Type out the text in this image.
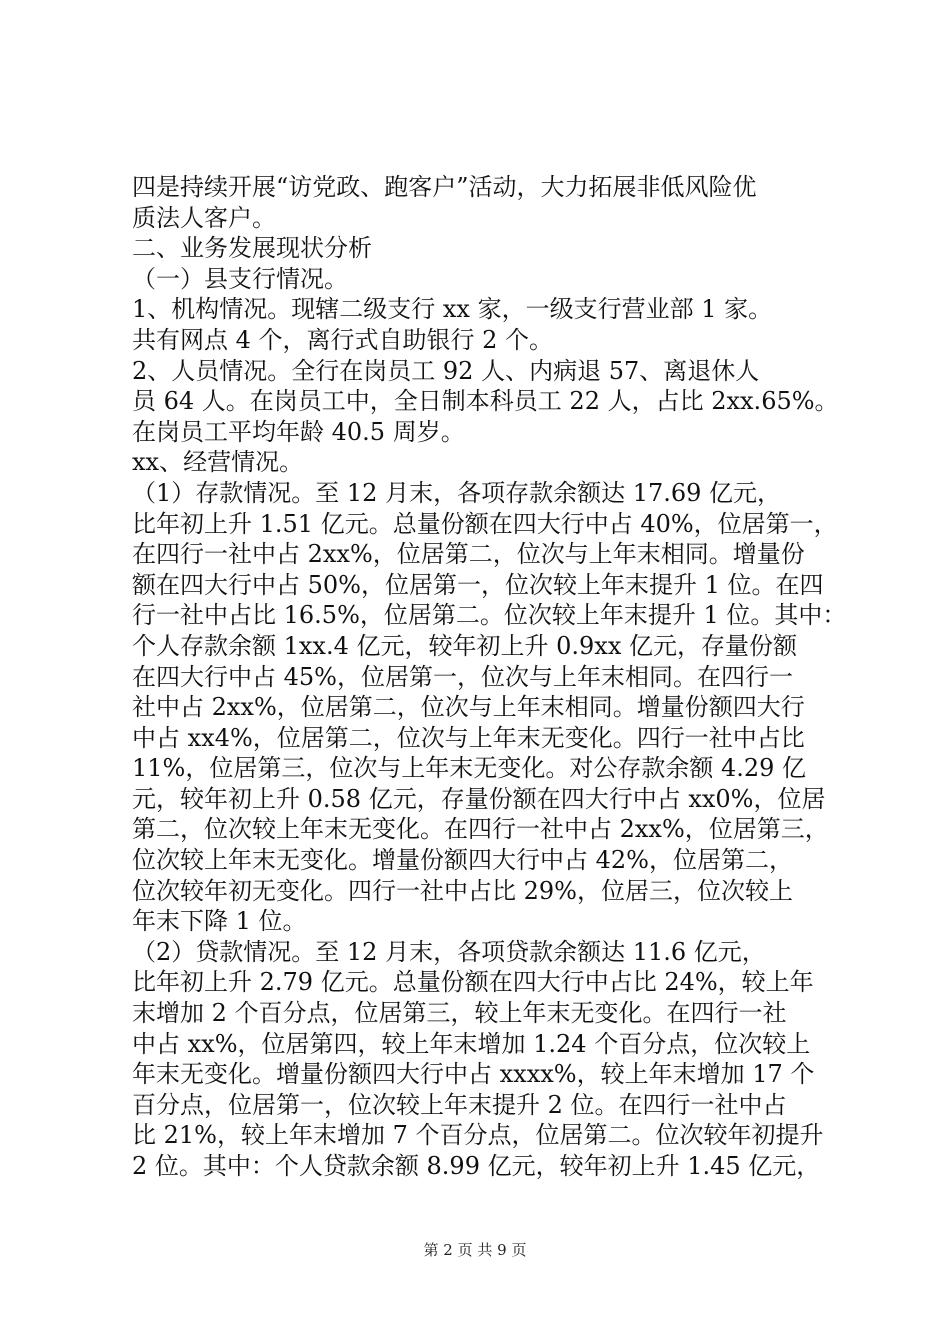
四是持续开展“访党政、跑客户”活动，大力拓展非低风险优
质法人客户。
二、业务发展现状分析
（一）县支行情况。
1、机构情况。现辖二级支行 xx 家，一级支行营业部 1 家。
共有网点 4 个，离行式自助银行 2 个。
2、人员情况。全行在岗员工 92 人、内病退 57、离退休人
员 64 人。在岗员工中，全日制本科员工 22 人，占比 2xx.65%。
在岗员工平均年龄 40.5 周岁。
xx、经营情况。
（1）存款情况。至 12 月末，各项存款余额达 17.69 亿元，
比年初上升 1.51 亿元。总量份额在四大行中占 40%，位居第一，
在四行一社中占 2xx%，位居第二，位次与上年末相同。增量份
额在四大行中占 50%，位居第一，位次较上年末提升 1 位。在四
行一社中占比 16.5%，位居第二。位次较上年末提升 1 位。其中：
个人存款余额 1xx.4 亿元，较年初上升 0.9xx 亿元，存量份额
在四大行中占 45%，位居第一，位次与上年末相同。在四行一
社中占 2xx%，位居第二，位次与上年末相同。增量份额四大行
中占 xx4%，位居第二，位次与上年末无变化。四行一社中占比
11%，位居第三，位次与上年末无变化。对公存款余额 4.29 亿
元，较年初上升 0.58 亿元，存量份额在四大行中占 xx0%，位居
第二，位次较上年末无变化。在四行一社中占 2xx%，位居第三，
位次较上年末无变化。增量份额四大行中占 42%，位居第二，
位次较年初无变化。四行一社中占比 29%，位居三，位次较上
年末下降 1 位。
（2）贷款情况。至 12 月末，各项贷款余额达 11.6 亿元，
比年初上升 2.79 亿元。总量份额在四大行中占比 24%，较上年
末增加 2 个百分点，位居第三，较上年末无变化。在四行一社
中占 xx%，位居第四，较上年末增加 1.24 个百分点，位次较上
年末无变化。增量份额四大行中占 xxxx%，较上年末增加 17 个
百分点，位居第一，位次较上年末提升 2 位。在四行一社中占
比 21%，较上年末增加 7 个百分点，位居第二。位次较年初提升
2 位。其中：个人贷款余额 8.99 亿元，较年初上升 1.45 亿元，
第 2 页 共 9 页
